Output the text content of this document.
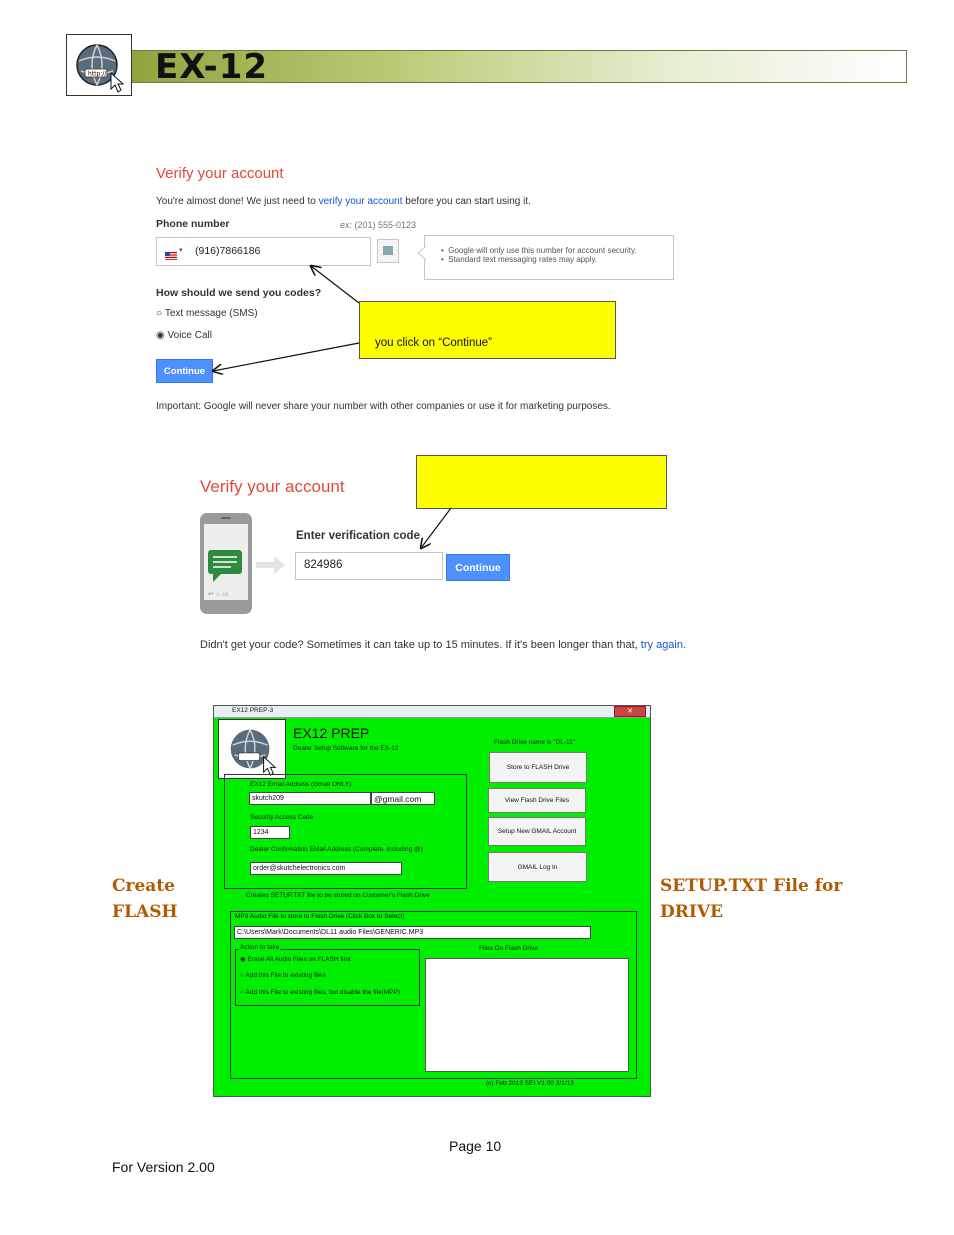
http:// EX-12
Verify your account
You're almost done! We just need to verify your account before you can start using it.
Phone number	ex: (201) 555-0123
▾ (916)7866186	•  Google will only use this number for account security.
•  Standard text messaging rates may apply.
How should we send you codes?
○ Text message (SMS)
◉ Voice Call
Continue
Important: Google will never share your number with other companies or use it for marketing purposes.
you click on “Continue”
Verify your account
↩ ⌂ ▭
Enter verification code
824986	Continue
Didn't get your code? Sometimes it can take up to 15 minutes. If it's been longer than that, try again.
Create
FLASH
SETUP.TXT File for
DRIVE
EX12 PREP-3	✕
EX12 PREP
Dealer Setup Software for the EX-12
Flash Drive name is "DL-11"
EX12 Email Address (Gmail ONLY)
skutch209	@gmail.com
Security Access Code
1234
Dealer Confirmation EMail Address (Complete, including @)
order@skutchelectronics.com
Creates SETUP.TXT file to be stored on Customer's Flash Drive
Store to FLASH Drive
View Flash Drive Files
Setup New GMAIL Account
GMAIL Log In
MP3 Audio File to store to Flash Drive (Click Box to Select)
C:\Users\Mark\Documents\DL11 audio Files\GENERIC.MP3
Action to take
◉ Erase All Audio Files on FLASH first
○ Add this File to existing files
○ Add this File to existing files, but disable the file(MPP)
Files On Flash Drive
(c) Feb 2013 SEI V1.00 3/1/13
Page 10
For Version 2.00
